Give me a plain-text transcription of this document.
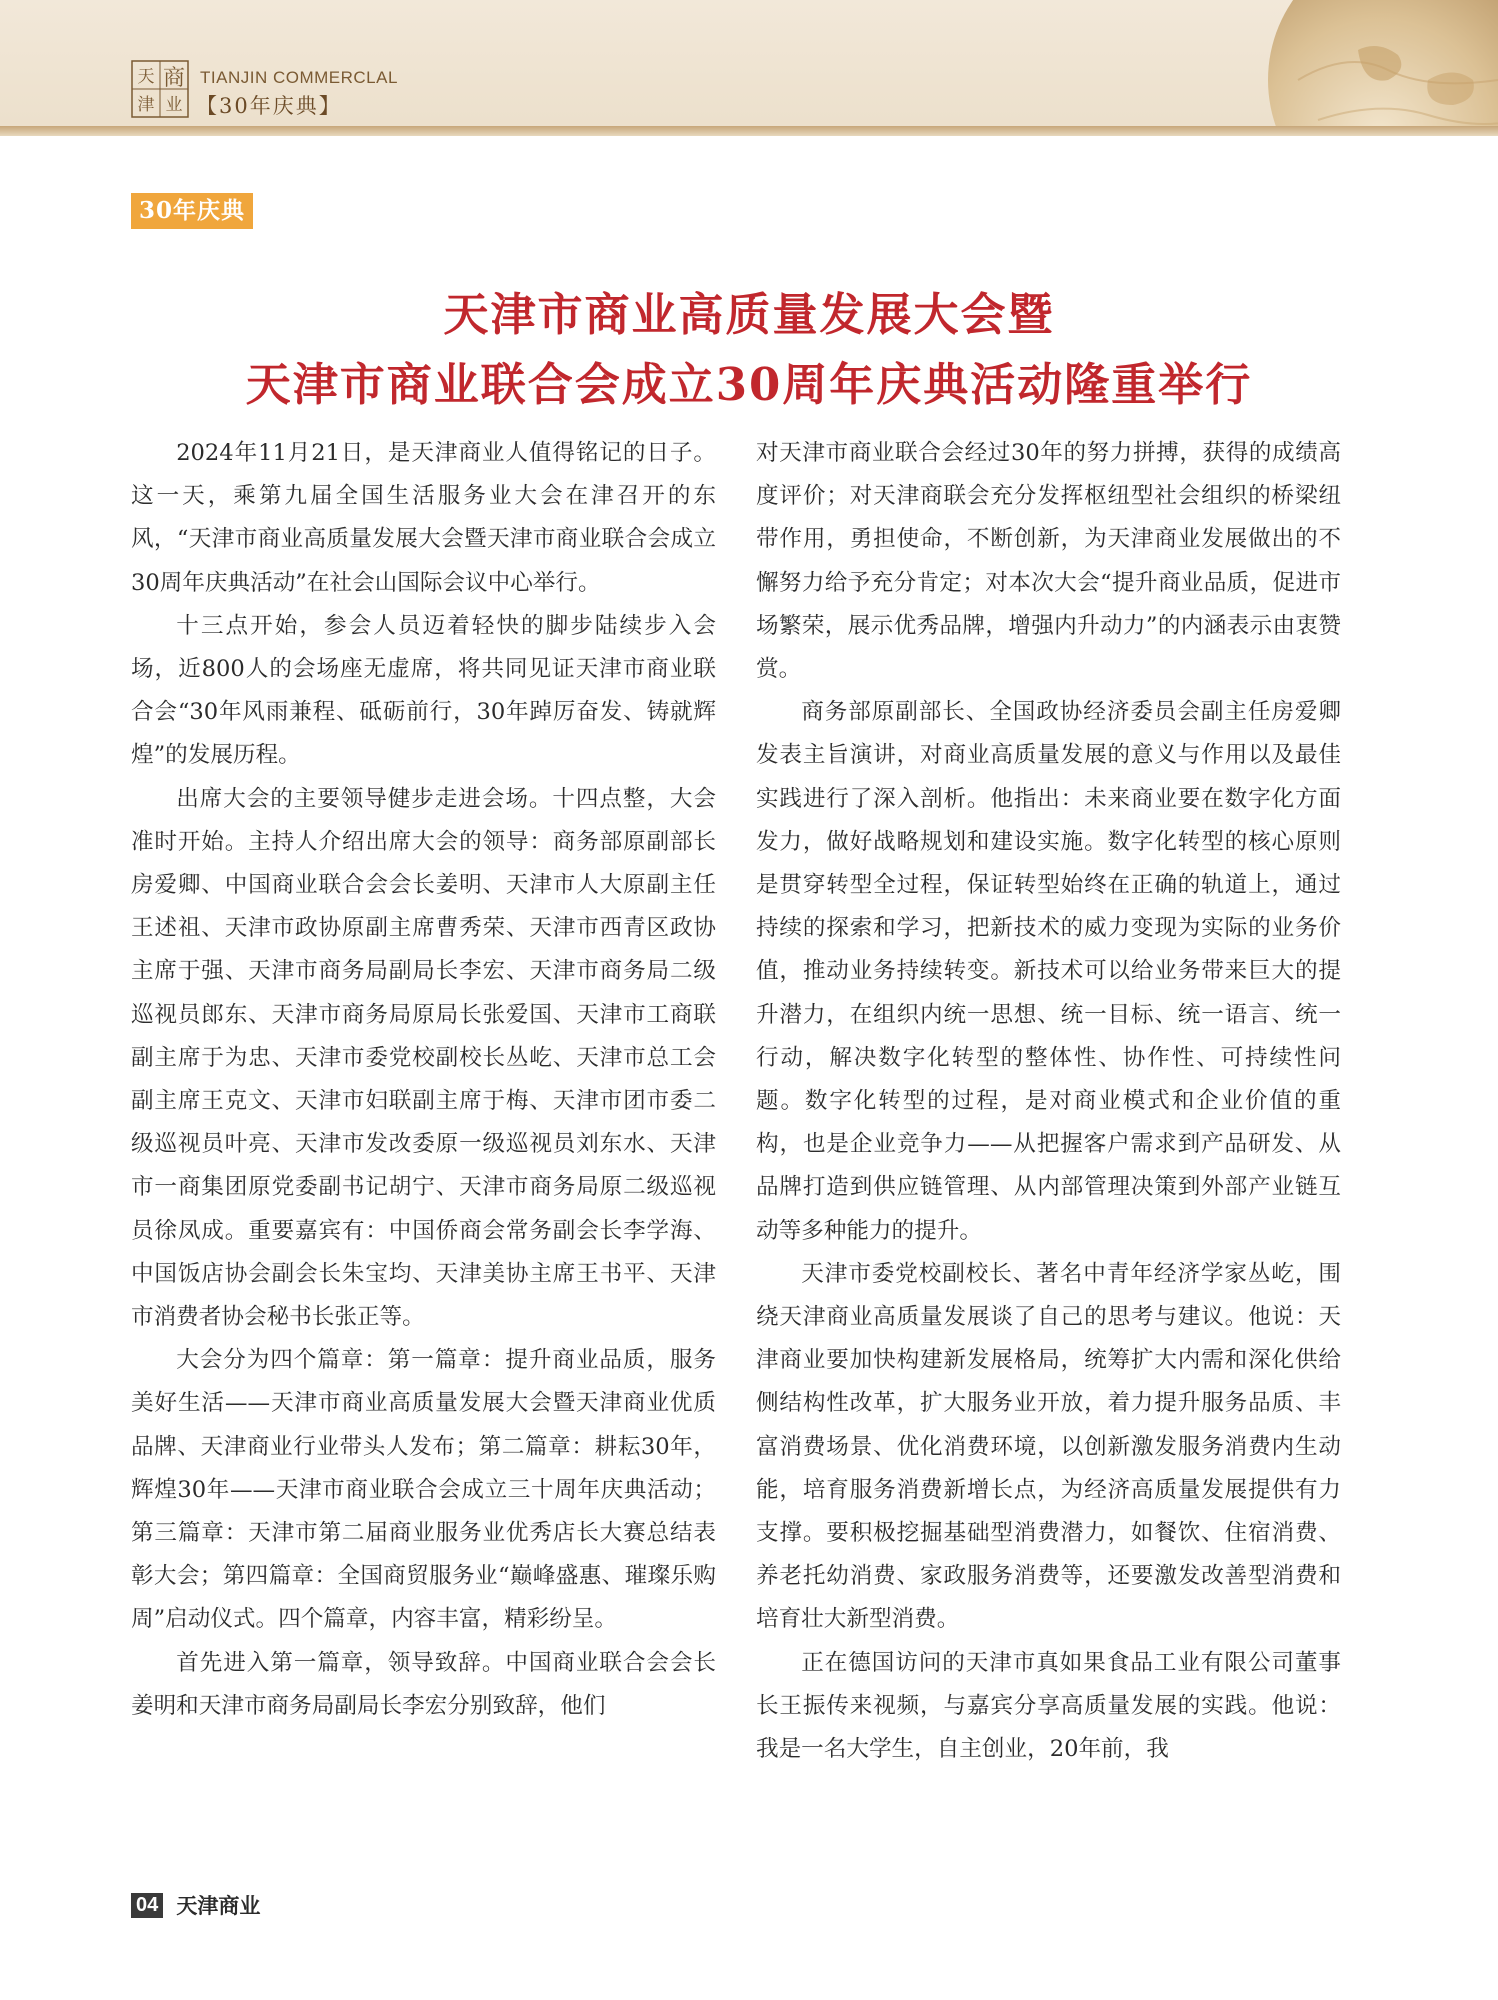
天 商
津 业
TIANJIN COMMERCLAL
【30年庆典】
30年庆典
天津市商业高质量发展大会暨
天津市商业联合会成立30周年庆典活动隆重举行

2024年11月21日，是天津商业人值得铭记的日子。这一天，乘第九届全国生活服务业大会在津召开的东风，“天津市商业高质量发展大会暨天津市商业联合会成立30周年庆典活动”在社会山国际会议中心举行。

十三点开始，参会人员迈着轻快的脚步陆续步入会场，近800人的会场座无虚席，将共同见证天津市商业联合会“30年风雨兼程、砥砺前行，30年踔厉奋发、铸就辉煌”的发展历程。

出席大会的主要领导健步走进会场。十四点整，大会准时开始。主持人介绍出席大会的领导：商务部原副部长房爱卿、中国商业联合会会长姜明、天津市人大原副主任王述祖、天津市政协原副主席曹秀荣、天津市西青区政协主席于强、天津市商务局副局长李宏、天津市商务局二级巡视员郎东、天津市商务局原局长张爱国、天津市工商联副主席于为忠、天津市委党校副校长丛屹、天津市总工会副主席王克文、天津市妇联副主席于梅、天津市团市委二级巡视员叶亮、天津市发改委原一级巡视员刘东水、天津市一商集团原党委副书记胡宁、天津市商务局原二级巡视员徐凤成。重要嘉宾有：中国侨商会常务副会长李学海、中国饭店协会副会长朱宝均、天津美协主席王书平、天津市消费者协会秘书长张正等。

大会分为四个篇章：第一篇章：提升商业品质，服务美好生活——天津市商业高质量发展大会暨天津商业优质品牌、天津商业行业带头人发布；第二篇章：耕耘30年，辉煌30年——天津市商业联合会成立三十周年庆典活动；第三篇章：天津市第二届商业服务业优秀店长大赛总结表彰大会；第四篇章：全国商贸服务业“巅峰盛惠、璀璨乐购周”启动仪式。四个篇章，内容丰富，精彩纷呈。

首先进入第一篇章，领导致辞。中国商业联合会会长姜明和天津市商务局副局长李宏分别致辞，他们

对天津市商业联合会经过30年的努力拼搏，获得的成绩高度评价；对天津商联会充分发挥枢纽型社会组织的桥梁纽带作用，勇担使命，不断创新，为天津商业发展做出的不懈努力给予充分肯定；对本次大会“提升商业品质，促进市场繁荣，展示优秀品牌，增强内升动力”的内涵表示由衷赞赏。

商务部原副部长、全国政协经济委员会副主任房爱卿发表主旨演讲，对商业高质量发展的意义与作用以及最佳实践进行了深入剖析。他指出：未来商业要在数字化方面发力，做好战略规划和建设实施。数字化转型的核心原则是贯穿转型全过程，保证转型始终在正确的轨道上，通过持续的探索和学习，把新技术的威力变现为实际的业务价值，推动业务持续转变。新技术可以给业务带来巨大的提升潜力，在组织内统一思想、统一目标、统一语言、统一行动，解决数字化转型的整体性、协作性、可持续性问题。数字化转型的过程，是对商业模式和企业价值的重构，也是企业竞争力——从把握客户需求到产品研发、从品牌打造到供应链管理、从内部管理决策到外部产业链互动等多种能力的提升。

天津市委党校副校长、著名中青年经济学家丛屹，围绕天津商业高质量发展谈了自己的思考与建议。他说：天津商业要加快构建新发展格局，统筹扩大内需和深化供给侧结构性改革，扩大服务业开放，着力提升服务品质、丰富消费场景、优化消费环境，以创新激发服务消费内生动能，培育服务消费新增长点，为经济高质量发展提供有力支撑。要积极挖掘基础型消费潜力，如餐饮、住宿消费、养老托幼消费、家政服务消费等，还要激发改善型消费和培育壮大新型消费。

正在德国访问的天津市真如果食品工业有限公司董事长王振传来视频，与嘉宾分享高质量发展的实践。他说：我是一名大学生，自主创业，20年前，我

04 天津商业
